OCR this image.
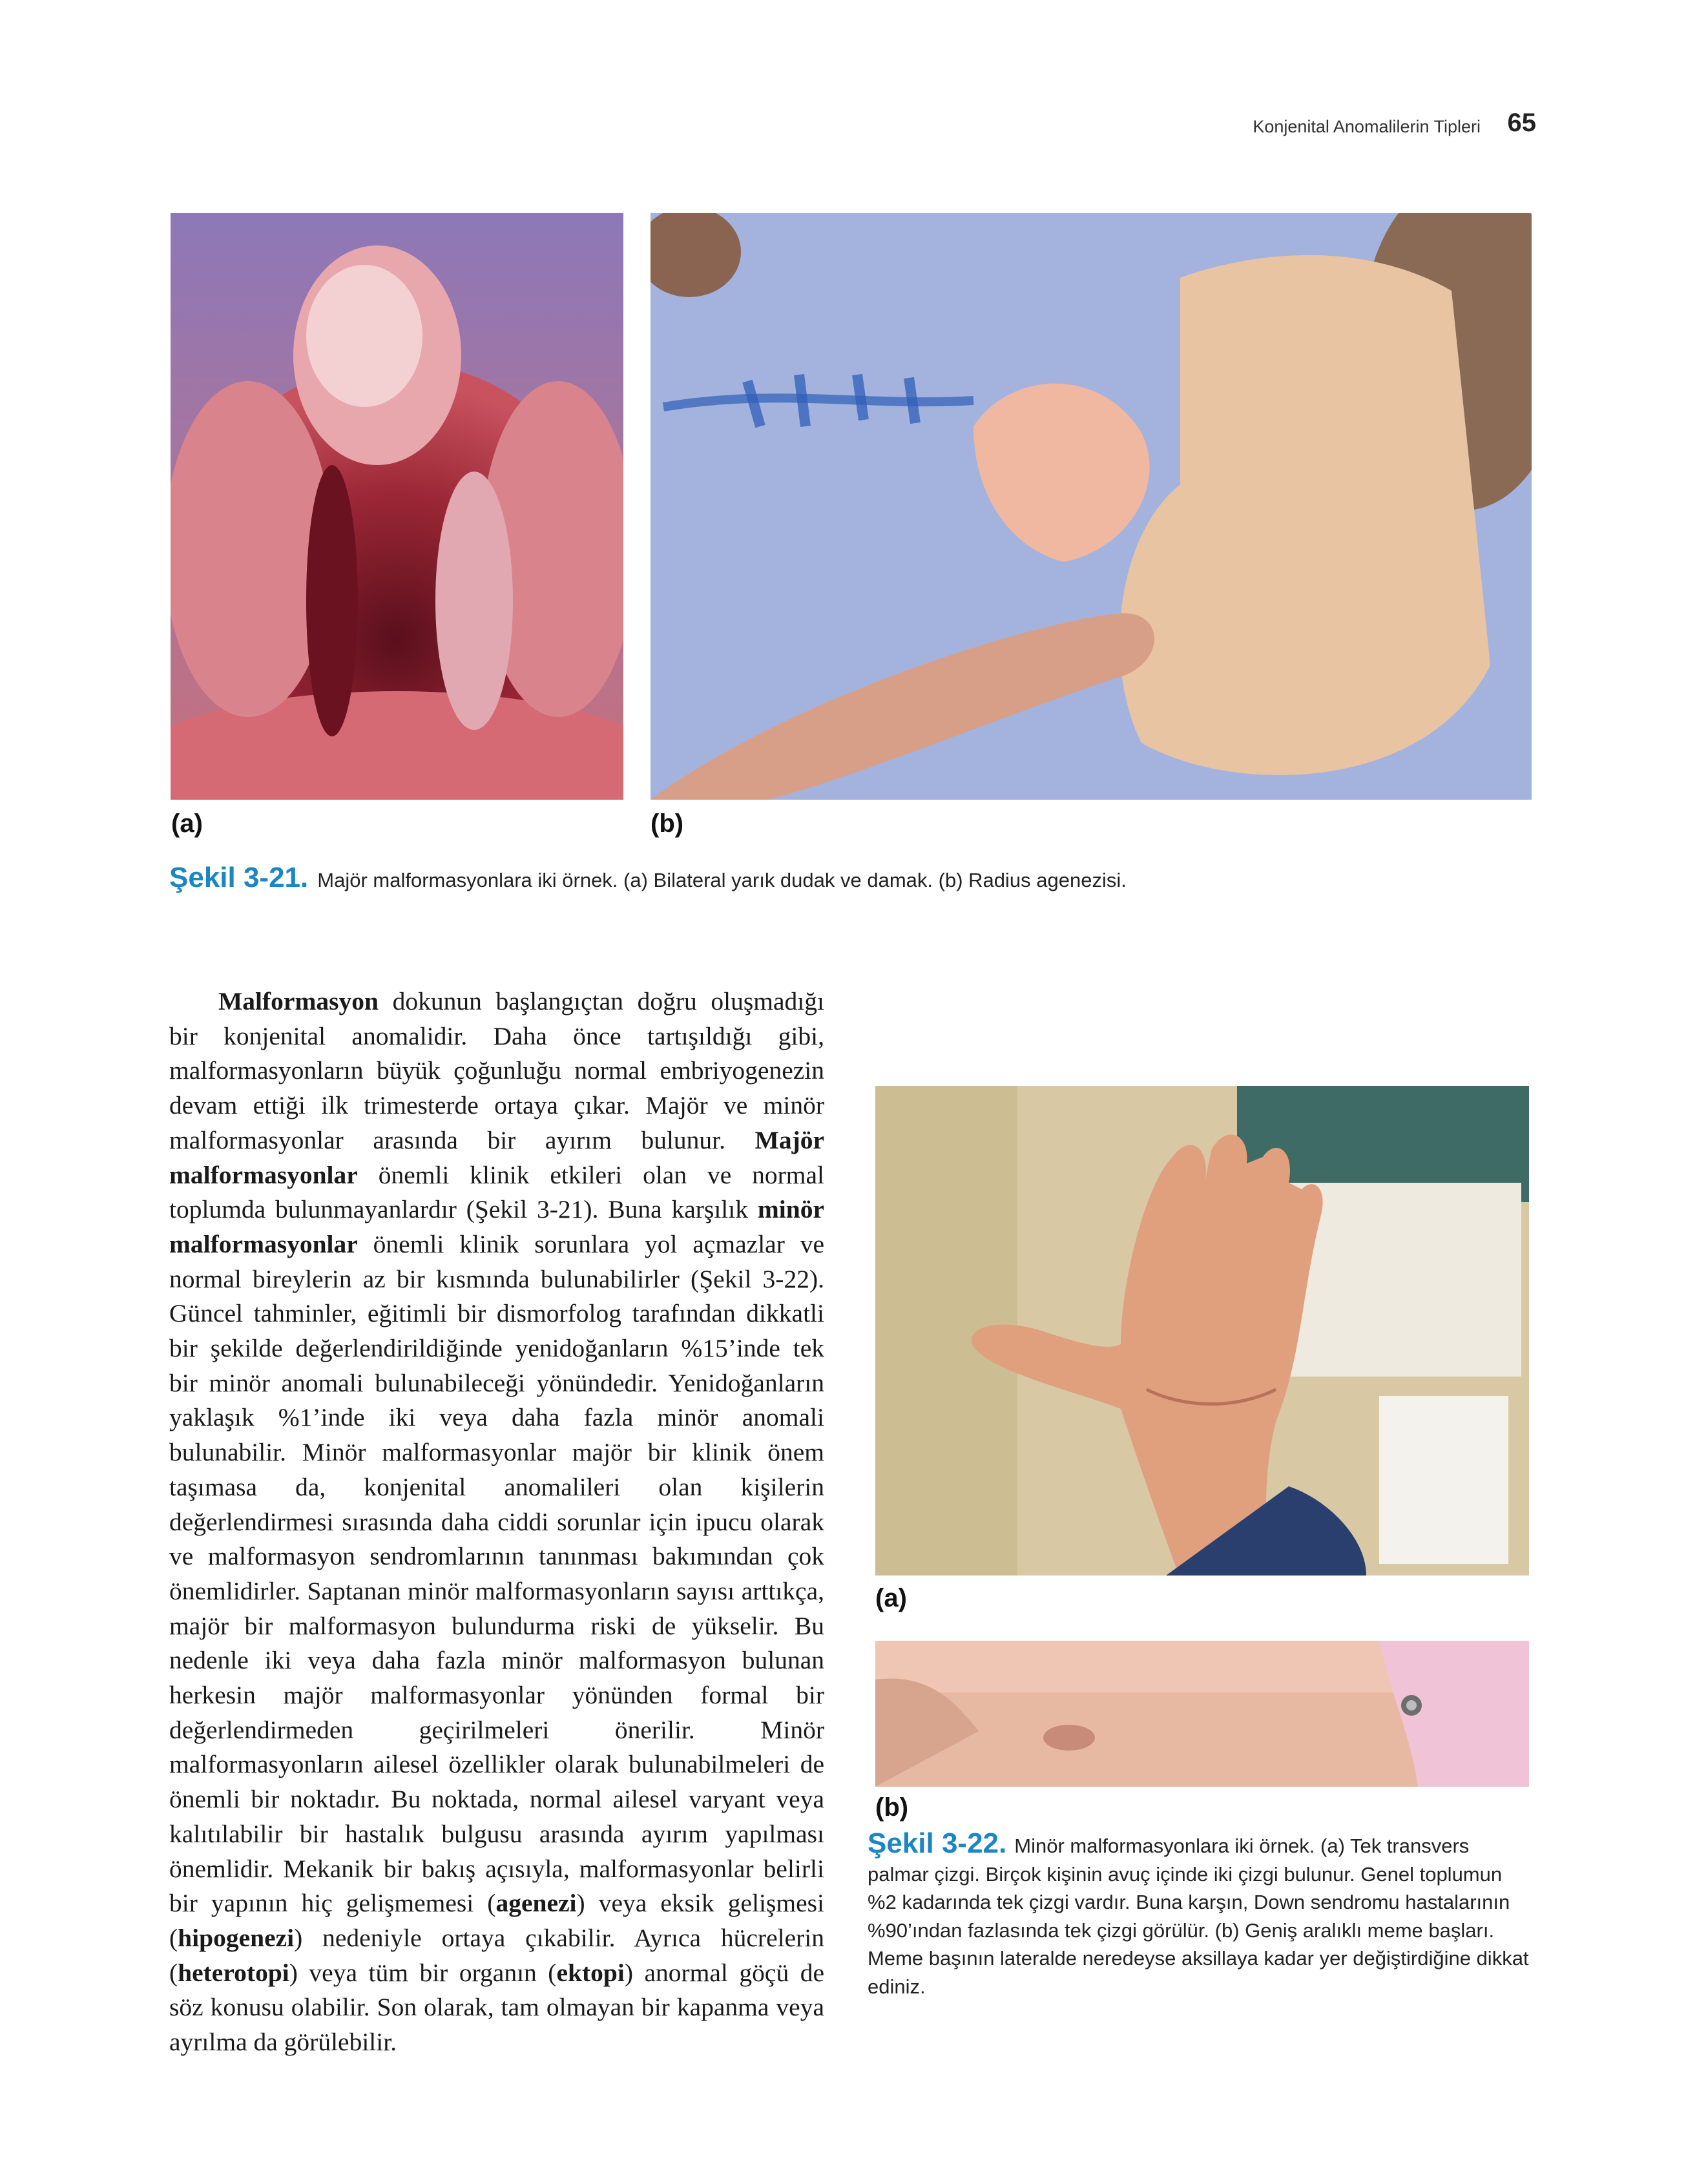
Konjenital Anomalilerin Tipleri 65
(a)	(b)
Şekil 3-21. Majör malformasyonlara iki örnek. (a) Bilateral yarık dudak ve damak. (b) Radius agenezisi.

Malformasyon dokunun başlangıçtan doğru oluşmadığı bir konjenital anomalidir. Daha önce tartışıldığı gibi, malformasyonların büyük çoğunluğu normal embriyogenezin devam ettiği ilk trimesterde ortaya çıkar. Majör ve minör malformasyonlar arasında bir ayırım bulunur. Majör malformasyonlar önemli klinik etkileri olan ve normal toplumda bulunmayanlardır (Şekil 3-21). Buna karşılık minör malformasyonlar önemli klinik sorunlara yol açmazlar ve normal bireylerin az bir kısmında bulunabilirler (Şekil 3-22). Güncel tahminler, eğitimli bir dismorfolog tarafından dikkatli bir şekilde değerlendirildiğinde yenidoğanların %15’inde tek bir minör anomali bulunabileceği yönündedir. Yenidoğanların yaklaşık %1’inde iki veya daha fazla minör anomali bulunabilir. Minör malformasyonlar majör bir klinik önem taşımasa da, konjenital anomalileri olan kişilerin değerlendirmesi sırasında daha ciddi sorunlar için ipucu olarak ve malformasyon sendromlarının tanınması bakımından çok önemlidirler. Saptanan minör malformasyonların sayısı arttıkça, majör bir malformasyon bulundurma riski de yükselir. Bu nedenle iki veya daha fazla minör malformasyon bulunan herkesin majör malformasyonlar yönünden formal bir değerlendirmeden geçirilmeleri önerilir. Minör malformasyonların ailesel özellikler olarak bulunabilmeleri de önemli bir noktadır. Bu noktada, normal ailesel varyant veya kalıtılabilir bir hastalık bulgusu arasında ayırım yapılması önemlidir. Mekanik bir bakış açısıyla, malformasyonlar belirli bir yapının hiç gelişmemesi (agenezi) veya eksik gelişmesi (hipogenezi) nedeniyle ortaya çıkabilir. Ayrıca hücrelerin (heterotopi) veya tüm bir organın (ektopi) anormal göçü de söz konusu olabilir. Son olarak, tam olmayan bir kapanma veya ayrılma da görülebilir.

(a)
(b)
Şekil 3-22. Minör malformasyonlara iki örnek. (a) Tek transvers palmar çizgi. Birçok kişinin avuç içinde iki çizgi bulunur. Genel toplumun %2 kadarında tek çizgi vardır. Buna karşın, Down sendromu hastalarının %90’ından fazlasında tek çizgi görülür. (b) Geniş aralıklı meme başları. Meme başının lateralde neredeyse aksillaya kadar yer değiştirdiğine dikkat ediniz.
